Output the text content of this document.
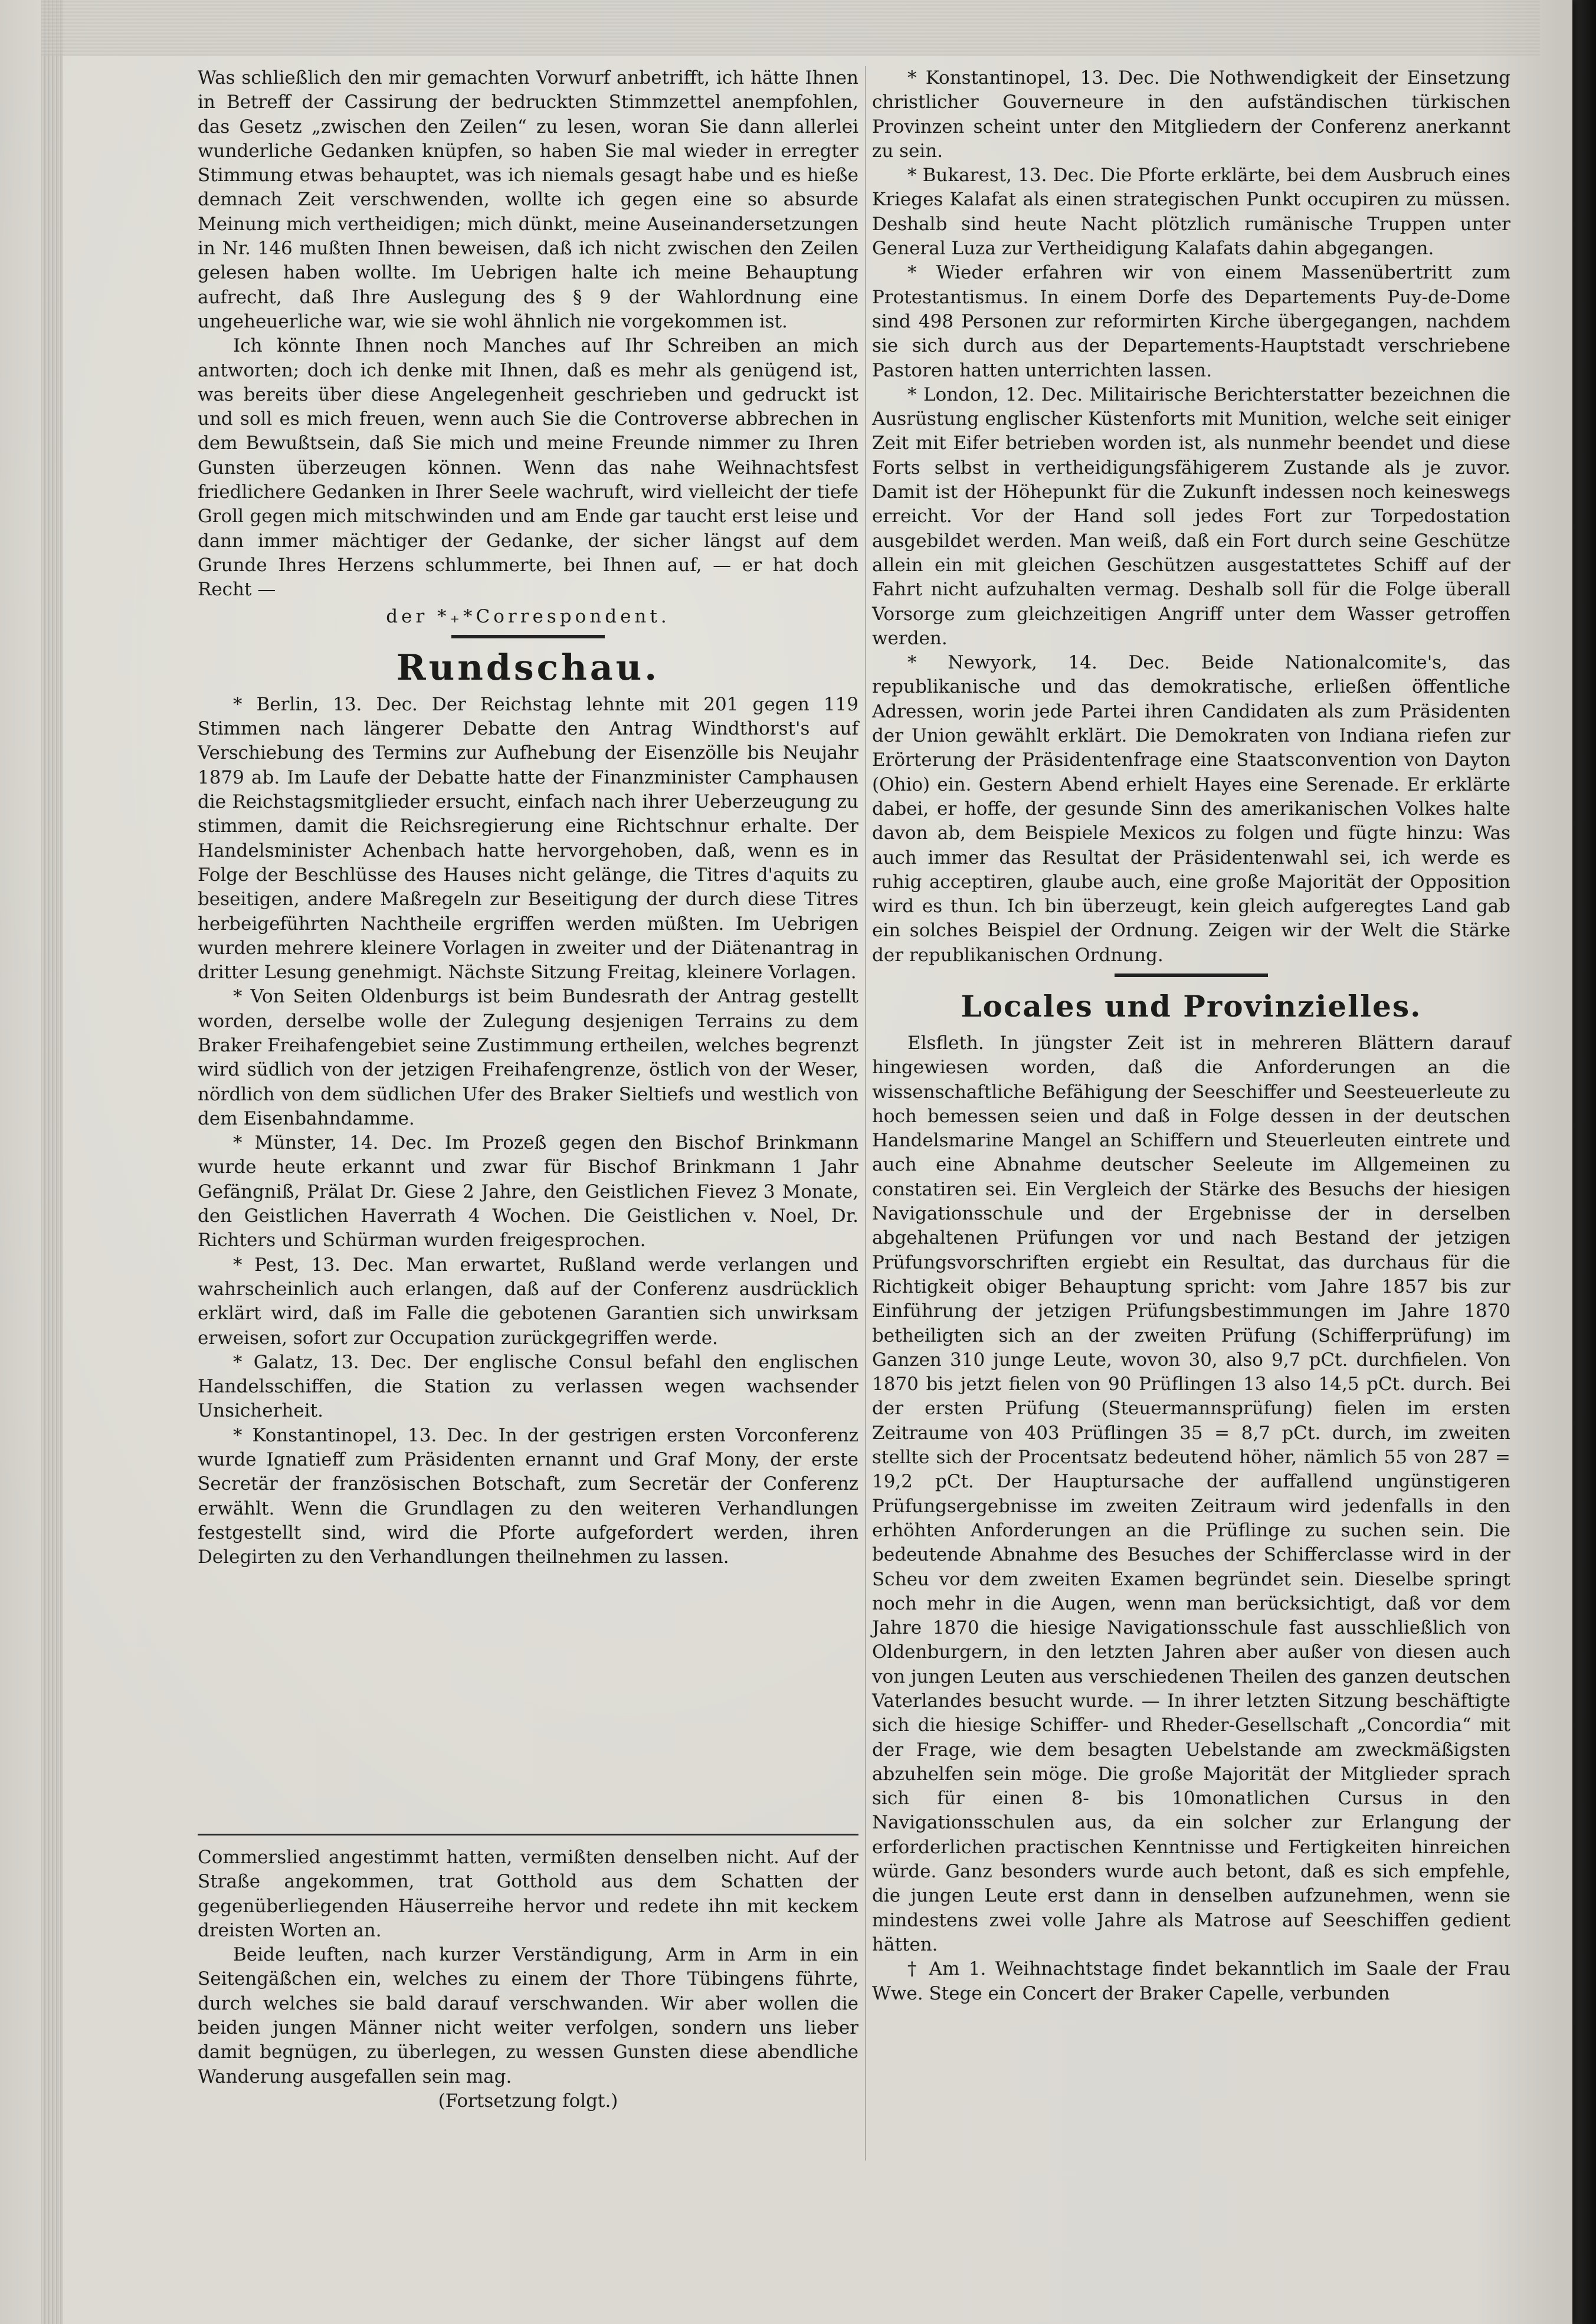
Was schließlich den mir gemachten Vorwurf anbetrifft, ich hätte Ihnen in Betreff der Cassirung der bedruckten Stimmzettel anempfohlen, das Gesetz „zwischen den Zeilen“ zu lesen, woran Sie dann allerlei wunderliche Gedanken knüpfen, so haben Sie mal wieder in erregter Stimmung etwas behauptet, was ich niemals gesagt habe und es hieße demnach Zeit verschwenden, wollte ich gegen eine so absurde Meinung mich vertheidigen; mich dünkt, meine Auseinandersetzungen in Nr. 146 mußten Ihnen beweisen, daß ich nicht zwischen den Zeilen gelesen haben wollte. Im Uebrigen halte ich meine Behauptung aufrecht, daß Ihre Auslegung des § 9 der Wahlordnung eine ungeheuerliche war, wie sie wohl ähnlich nie vorgekommen ist.

Ich könnte Ihnen noch Manches auf Ihr Schreiben an mich antworten; doch ich denke mit Ihnen, daß es mehr als genügend ist, was bereits über diese Angelegenheit geschrieben und gedruckt ist und soll es mich freuen, wenn auch Sie die Controverse abbrechen in dem Bewußtsein, daß Sie mich und meine Freunde nimmer zu Ihren Gunsten überzeugen können. Wenn das nahe Weihnachtsfest friedlichere Gedanken in Ihrer Seele wachruft, wird vielleicht der tiefe Groll gegen mich mitschwinden und am Ende gar taucht erst leise und dann immer mächtiger der Gedanke, der sicher längst auf dem Grunde Ihres Herzens schlummerte, bei Ihnen auf, — er hat doch Recht —

der *₊*Correspondent.

Rundschau.

* Berlin, 13. Dec. Der Reichstag lehnte mit 201 gegen 119 Stimmen nach längerer Debatte den Antrag Windthorst's auf Verschiebung des Termins zur Aufhebung der Eisenzölle bis Neujahr 1879 ab. Im Laufe der Debatte hatte der Finanzminister Camphausen die Reichstagsmitglieder ersucht, einfach nach ihrer Ueberzeugung zu stimmen, damit die Reichsregierung eine Richtschnur erhalte. Der Handelsminister Achenbach hatte hervorgehoben, daß, wenn es in Folge der Beschlüsse des Hauses nicht gelänge, die Titres d'aquits zu beseitigen, andere Maßregeln zur Beseitigung der durch diese Titres herbeigeführten Nachtheile ergriffen werden müßten. Im Uebrigen wurden mehrere kleinere Vorlagen in zweiter und der Diätenantrag in dritter Lesung genehmigt. Nächste Sitzung Freitag, kleinere Vorlagen.

* Von Seiten Oldenburgs ist beim Bundesrath der Antrag gestellt worden, derselbe wolle der Zulegung desjenigen Terrains zu dem Braker Freihafengebiet seine Zustimmung ertheilen, welches begrenzt wird südlich von der jetzigen Freihafengrenze, östlich von der Weser, nördlich von dem südlichen Ufer des Braker Sieltiefs und westlich von dem Eisenbahndamme.

* Münster, 14. Dec. Im Prozeß gegen den Bischof Brinkmann wurde heute erkannt und zwar für Bischof Brinkmann 1 Jahr Gefängniß, Prälat Dr. Giese 2 Jahre, den Geistlichen Fievez 3 Monate, den Geistlichen Haverrath 4 Wochen. Die Geistlichen v. Noel, Dr. Richters und Schürman wurden freigesprochen.

* Pest, 13. Dec. Man erwartet, Rußland werde verlangen und wahrscheinlich auch erlangen, daß auf der Conferenz ausdrücklich erklärt wird, daß im Falle die gebotenen Garantien sich unwirksam erweisen, sofort zur Occupation zurückgegriffen werde.

* Galatz, 13. Dec. Der englische Consul befahl den englischen Handelsschiffen, die Station zu verlassen wegen wachsender Unsicherheit.

* Konstantinopel, 13. Dec. In der gestrigen ersten Vorconferenz wurde Ignatieff zum Präsidenten ernannt und Graf Mony, der erste Secretär der französischen Botschaft, zum Secretär der Conferenz erwählt. Wenn die Grundlagen zu den weiteren Verhandlungen festgestellt sind, wird die Pforte aufgefordert werden, ihren Delegirten zu den Verhandlungen theilnehmen zu lassen.

Commerslied angestimmt hatten, vermißten denselben nicht. Auf der Straße angekommen, trat Gotthold aus dem Schatten der gegenüberliegenden Häuserreihe hervor und redete ihn mit keckem dreisten Worten an.

Beide leuften, nach kurzer Verständigung, Arm in Arm in ein Seitengäßchen ein, welches zu einem der Thore Tübingens führte, durch welches sie bald darauf verschwanden. Wir aber wollen die beiden jungen Männer nicht weiter verfolgen, sondern uns lieber damit begnügen, zu überlegen, zu wessen Gunsten diese abendliche Wanderung ausgefallen sein mag.

(Fortsetzung folgt.)

* Konstantinopel, 13. Dec. Die Nothwendigkeit der Einsetzung christlicher Gouverneure in den aufständischen türkischen Provinzen scheint unter den Mitgliedern der Conferenz anerkannt zu sein.

* Bukarest, 13. Dec. Die Pforte erklärte, bei dem Ausbruch eines Krieges Kalafat als einen strategischen Punkt occupiren zu müssen. Deshalb sind heute Nacht plötzlich rumänische Truppen unter General Luza zur Vertheidigung Kalafats dahin abgegangen.

* Wieder erfahren wir von einem Massenübertritt zum Protestantismus. In einem Dorfe des Departements Puy-de-Dome sind 498 Personen zur reformirten Kirche übergegangen, nachdem sie sich durch aus der Departements-Hauptstadt verschriebene Pastoren hatten unterrichten lassen.

* London, 12. Dec. Militairische Berichterstatter bezeichnen die Ausrüstung englischer Küstenforts mit Munition, welche seit einiger Zeit mit Eifer betrieben worden ist, als nunmehr beendet und diese Forts selbst in vertheidigungsfähigerem Zustande als je zuvor. Damit ist der Höhepunkt für die Zukunft indessen noch keineswegs erreicht. Vor der Hand soll jedes Fort zur Torpedostation ausgebildet werden. Man weiß, daß ein Fort durch seine Geschütze allein ein mit gleichen Geschützen ausgestattetes Schiff auf der Fahrt nicht aufzuhalten vermag. Deshalb soll für die Folge überall Vorsorge zum gleichzeitigen Angriff unter dem Wasser getroffen werden.

* Newyork, 14. Dec. Beide Nationalcomite's, das republikanische und das demokratische, erließen öffentliche Adressen, worin jede Partei ihren Candidaten als zum Präsidenten der Union gewählt erklärt. Die Demokraten von Indiana riefen zur Erörterung der Präsidentenfrage eine Staatsconvention von Dayton (Ohio) ein. Gestern Abend erhielt Hayes eine Serenade. Er erklärte dabei, er hoffe, der gesunde Sinn des amerikanischen Volkes halte davon ab, dem Beispiele Mexicos zu folgen und fügte hinzu: Was auch immer das Resultat der Präsidentenwahl sei, ich werde es ruhig acceptiren, glaube auch, eine große Majorität der Opposition wird es thun. Ich bin überzeugt, kein gleich aufgeregtes Land gab ein solches Beispiel der Ordnung. Zeigen wir der Welt die Stärke der republikanischen Ordnung.

Locales und Provinzielles.

Elsfleth. In jüngster Zeit ist in mehreren Blättern darauf hingewiesen worden, daß die Anforderungen an die wissenschaftliche Befähigung der Seeschiffer und Seesteuerleute zu hoch bemessen seien und daß in Folge dessen in der deutschen Handelsmarine Mangel an Schiffern und Steuerleuten eintrete und auch eine Abnahme deutscher Seeleute im Allgemeinen zu constatiren sei. Ein Vergleich der Stärke des Besuchs der hiesigen Navigationsschule und der Ergebnisse der in derselben abgehaltenen Prüfungen vor und nach Bestand der jetzigen Prüfungsvorschriften ergiebt ein Resultat, das durchaus für die Richtigkeit obiger Behauptung spricht: vom Jahre 1857 bis zur Einführung der jetzigen Prüfungsbestimmungen im Jahre 1870 betheiligten sich an der zweiten Prüfung (Schifferprüfung) im Ganzen 310 junge Leute, wovon 30, also 9,7 pCt. durchfielen. Von 1870 bis jetzt fielen von 90 Prüflingen 13 also 14,5 pCt. durch. Bei der ersten Prüfung (Steuermannsprüfung) fielen im ersten Zeitraume von 403 Prüflingen 35 = 8,7 pCt. durch, im zweiten stellte sich der Procentsatz bedeutend höher, nämlich 55 von 287 = 19,2 pCt. Der Hauptursache der auffallend ungünstigeren Prüfungsergebnisse im zweiten Zeitraum wird jedenfalls in den erhöhten Anforderungen an die Prüflinge zu suchen sein. Die bedeutende Abnahme des Besuches der Schifferclasse wird in der Scheu vor dem zweiten Examen begründet sein. Dieselbe springt noch mehr in die Augen, wenn man berücksichtigt, daß vor dem Jahre 1870 die hiesige Navigationsschule fast ausschließlich von Oldenburgern, in den letzten Jahren aber außer von diesen auch von jungen Leuten aus verschiedenen Theilen des ganzen deutschen Vaterlandes besucht wurde. — In ihrer letzten Sitzung beschäftigte sich die hiesige Schiffer- und Rheder-Gesellschaft „Concordia“ mit der Frage, wie dem besagten Uebelstande am zweckmäßigsten abzuhelfen sein möge. Die große Majorität der Mitglieder sprach sich für einen 8- bis 10monatlichen Cursus in den Navigationsschulen aus, da ein solcher zur Erlangung der erforderlichen practischen Kenntnisse und Fertigkeiten hinreichen würde. Ganz besonders wurde auch betont, daß es sich empfehle, die jungen Leute erst dann in denselben aufzunehmen, wenn sie mindestens zwei volle Jahre als Matrose auf Seeschiffen gedient hätten.

† Am 1. Weihnachtstage findet bekanntlich im Saale der Frau Wwe. Stege ein Concert der Braker Capelle, verbunden
